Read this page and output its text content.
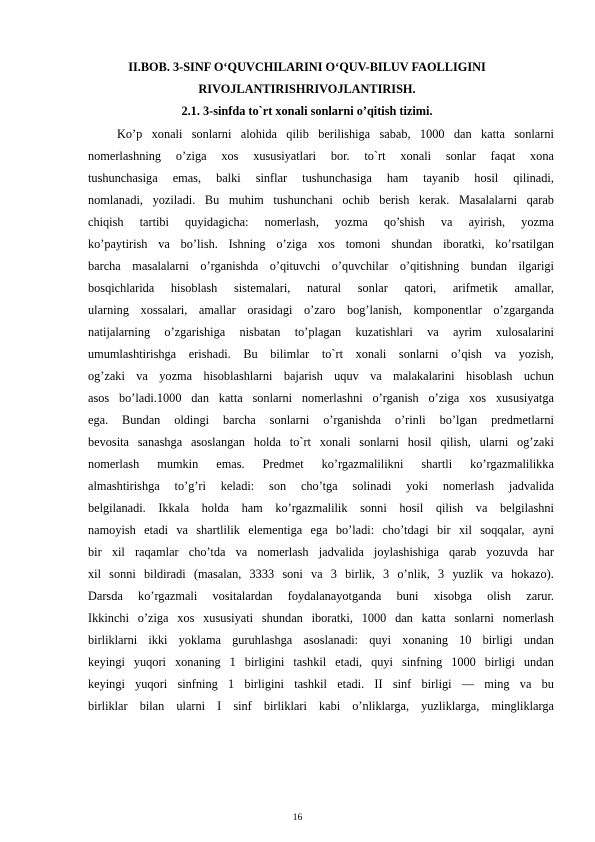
II.BOB. 3-SINF O‘QUVCHILARINI O‘QUV-BILUV FAOLLIGINI
RIVOJLANTIRISHRIVOJLANTIRISH.
2.1. 3-sinfda to`rt xonali sonlarni o’qitish tizimi.
Ko’p xonali sonlarni alohida qilib berilishiga sabab, 1000 dan katta sonlarni
nomerlashning o’ziga xos xususiyatlari bor. to`rt xonali sonlar faqat xona
tushunchasiga emas, balki sinflar tushunchasiga ham tayanib hosil qilinadi,
nomlanadi, yoziladi. Bu muhim tushunchani ochib berish kerak. Masalalarni qarab
chiqish tartibi quyidagicha: nomerlash, yozma qo’shish va ayirish, yozma
ko’paytirish va bo’lish. Ishning o’ziga xos tomoni shundan iboratki, ko’rsatilgan
barcha masalalarni o’rganishda o’qituvchi o’quvchilar o’qitishning bundan ilgarigi
bosqichlarida hisoblash sistemalari, natural sonlar qatori, arifmetik amallar,
ularning xossalari, amallar orasidagi o’zaro bog’lanish, komponentlar o’zgarganda
natijalarning o’zgarishiga nisbatan to’plagan kuzatishlari va ayrim xulosalarini
umumlashtirishga erishadi. Bu bilimlar to`rt xonali sonlarni o’qish va yozish,
og’zaki va yozma hisoblashlarni bajarish uquv va malakalarini hisoblash uchun
asos bo’ladi.1000 dan katta sonlarni nomerlashni o’rganish o’ziga xos xususiyatga
ega. Bundan oldingi barcha sonlarni o’rganishda o’rinli bo’lgan predmetlarni
bevosita sanashga asoslangan holda to`rt xonali sonlarni hosil qilish, ularni og’zaki
nomerlash mumkin emas. Predmet ko’rgazmalilikni shartli ko’rgazmalilikka
almashtirishga to’g’ri keladi: son cho’tga solinadi yoki nomerlash jadvalida
belgilanadi. Ikkala holda ham ko’rgazmalilik sonni hosil qilish va belgilashni
namoyish etadi va shartlilik elementiga ega bo’ladi: cho’tdagi bir xil soqqalar, ayni
bir xil raqamlar cho’tda va nomerlash jadvalida joylashishiga qarab yozuvda har
xil sonni bildiradi (masalan, 3333 soni va 3 birlik, 3 o’nlik, 3 yuzlik va hokazo).
Darsda ko’rgazmali vositalardan foydalanayotganda buni xisobga olish zarur.
Ikkinchi o’ziga xos xususiyati shundan iboratki, 1000 dan katta sonlarni nomerlash
birliklarni ikki yoklama guruhlashga asoslanadi: quyi xonaning 10 birligi undan
keyingi yuqori xonaning 1 birligini tashkil etadi, quyi sinfning 1000 birligi undan
keyingi yuqori sinfning 1 birligini tashkil etadi. II sinf birligi — ming va bu
birliklar bilan ularni I sinf birliklari kabi o’nliklarga, yuzliklarga, mingliklarga
16
